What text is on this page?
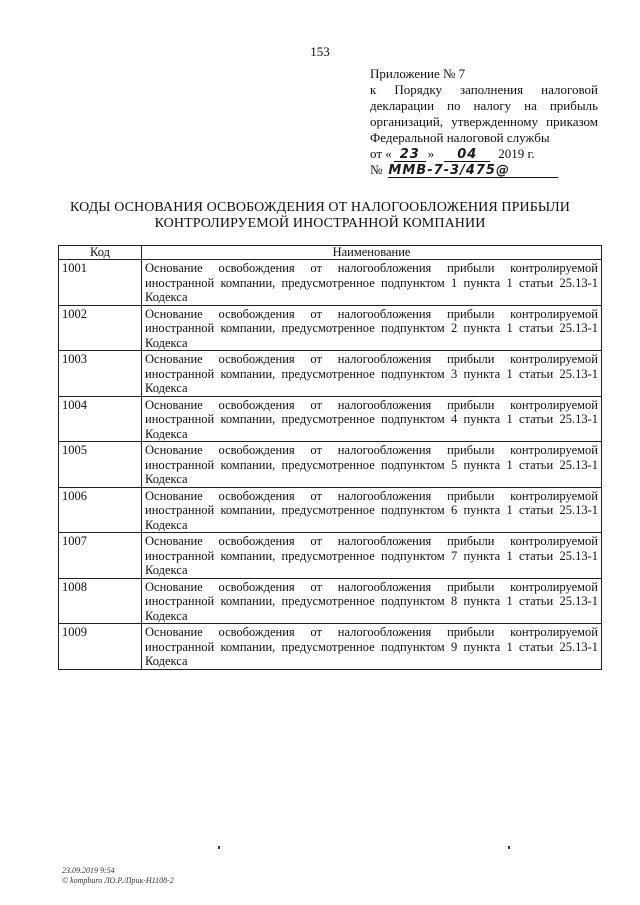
153
Приложение № 7
к Порядку заполнения налоговой
декларации по налогу на прибыль
организаций, утвержденному приказом
Федеральной налоговой службы
от « 23 » 04 2019 г.
№ ММВ-7-3/475@
КОДЫ ОСНОВАНИЯ ОСВОБОЖДЕНИЯ ОТ НАЛОГООБЛОЖЕНИЯ ПРИБЫЛИ
КОНТРОЛИРУЕМОЙ ИНОСТРАННОЙ КОМПАНИИ
Код	Наименование
1001	Основание освобождения от налогообложения прибыли контролируемой иностранной компании, предусмотренное подпунктом 1 пункта 1 статьи 25.13-1 Кодекса
1002	Основание освобождения от налогообложения прибыли контролируемой иностранной компании, предусмотренное подпунктом 2 пункта 1 статьи 25.13-1 Кодекса
1003	Основание освобождения от налогообложения прибыли контролируемой иностранной компании, предусмотренное подпунктом 3 пункта 1 статьи 25.13-1 Кодекса
1004	Основание освобождения от налогообложения прибыли контролируемой иностранной компании, предусмотренное подпунктом 4 пункта 1 статьи 25.13-1 Кодекса
1005	Основание освобождения от налогообложения прибыли контролируемой иностранной компании, предусмотренное подпунктом 5 пункта 1 статьи 25.13-1 Кодекса
1006	Основание освобождения от налогообложения прибыли контролируемой иностранной компании, предусмотренное подпунктом 6 пункта 1 статьи 25.13-1 Кодекса
1007	Основание освобождения от налогообложения прибыли контролируемой иностранной компании, предусмотренное подпунктом 7 пункта 1 статьи 25.13-1 Кодекса
1008	Основание освобождения от налогообложения прибыли контролируемой иностранной компании, предусмотренное подпунктом 8 пункта 1 статьи 25.13-1 Кодекса
1009	Основание освобождения от налогообложения прибыли контролируемой иностранной компании, предусмотренное подпунктом 9 пункта 1 статьи 25.13-1 Кодекса
23.09.2019 9:54
© kompburo ЛО.Р./Прик-Н1108-2
